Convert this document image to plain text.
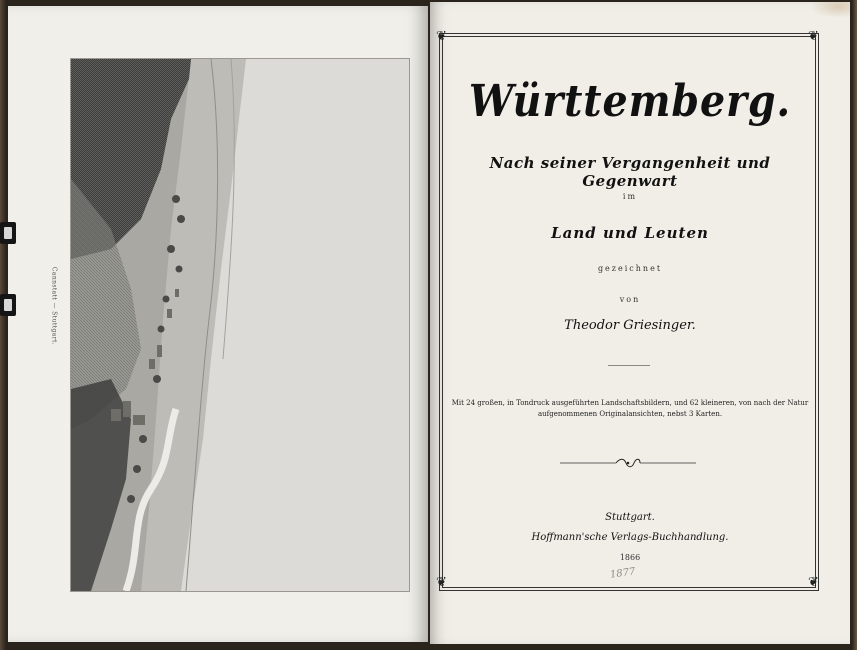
Cannstatt — Stuttgart.
❦	❦
❦	❦
Württemberg.
Nach seiner Vergangenheit und Gegenwart
im
Land und Leuten
gezeichnet
von
Theodor Griesinger.
Mit 24 großen, in Tondruck ausgeführten Landschaftsbildern, und 62 kleineren, von nach der Natur
aufgenommenen Originalansichten, nebst 3 Karten.
Stuttgart.
Hoffmann'sche Verlags-Buchhandlung.
1866
1877
